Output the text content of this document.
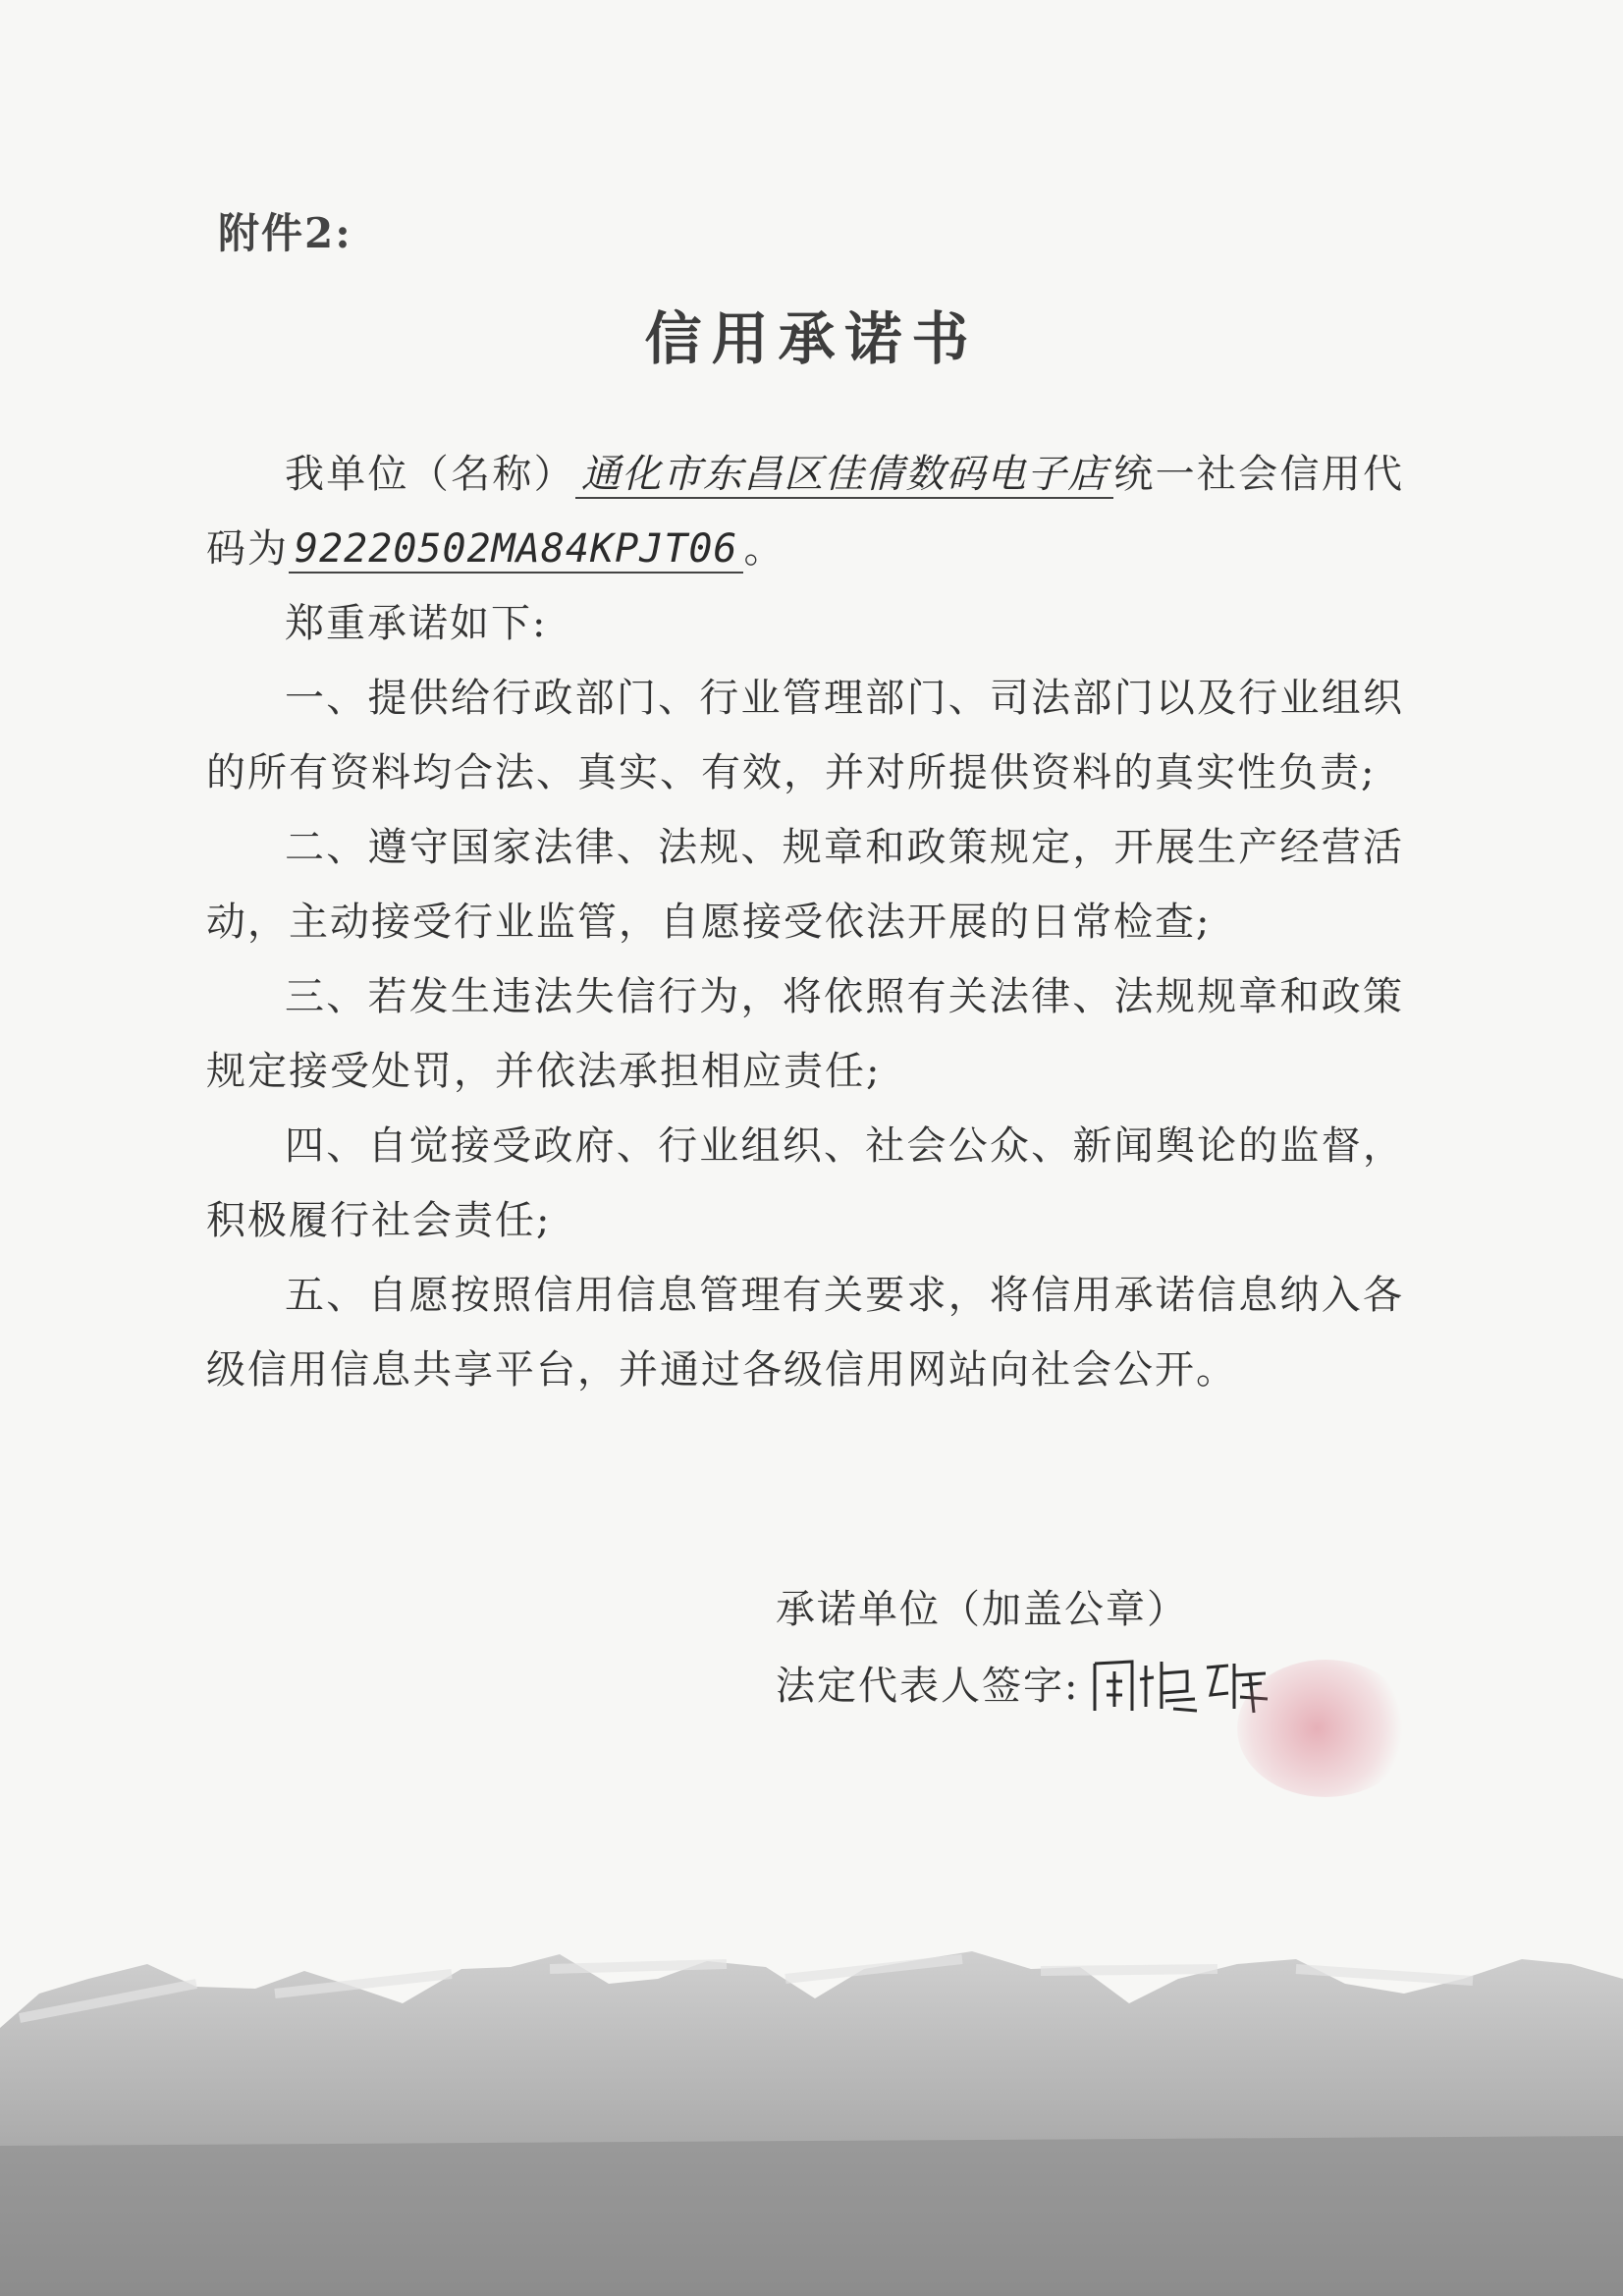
附件2:
信用承诺书

我单位（名称） 通化市东昌区佳倩数码电子店 统一社会信用代码为 92220502MA84KPJT06 。

郑重承诺如下:

一、提供给行政部门、行业管理部门、司法部门以及行业组织的所有资料均合法、真实、有效，并对所提供资料的真实性负责;

二、遵守国家法律、法规、规章和政策规定，开展生产经营活动，主动接受行业监管，自愿接受依法开展的日常检查;

三、若发生违法失信行为，将依照有关法律、法规规章和政策规定接受处罚，并依法承担相应责任;

四、自觉接受政府、行业组织、社会公众、新闻舆论的监督，积极履行社会责任;

五、自愿按照信用信息管理有关要求，将信用承诺信息纳入各级信用信息共享平台，并通过各级信用网站向社会公开。

承诺单位（加盖公章）
法定代表人签字:
